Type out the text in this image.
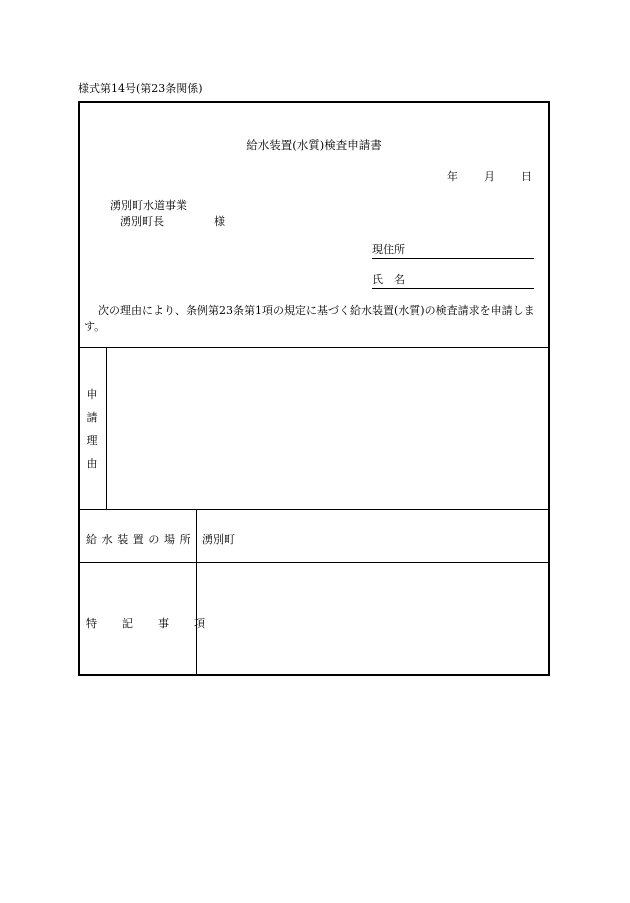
様式第14号(第23条関係)
給水装置(水質)検査申請書
年 月 日
湧別町水道事業
湧別町長	様
現住所
氏　名
次の理由により、条例第23条第1項の規定に基づく給水装置(水質)の検査請求を申請します。
申
請
理
由
給水装置の場所 湧別町
特記事項
